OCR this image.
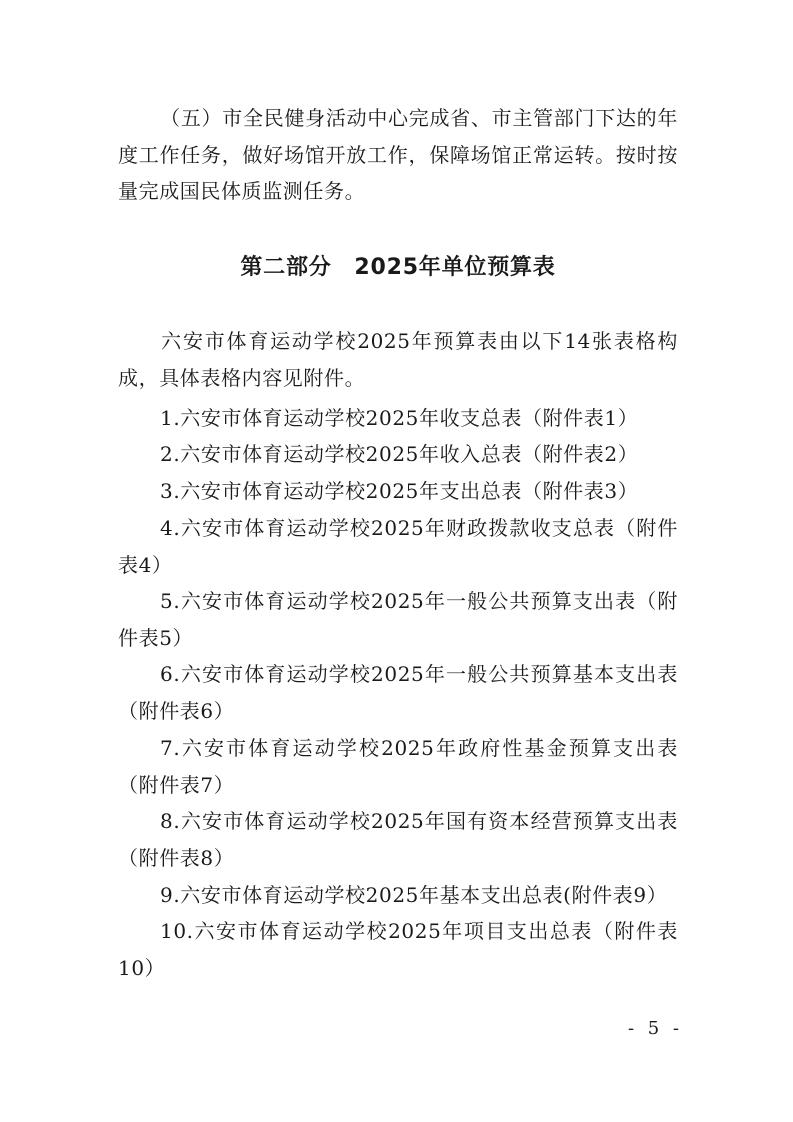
（五）市全民健身活动中心完成省、市主管部门下达的年度工作任务，做好场馆开放工作，保障场馆正常运转。按时按量完成国民体质监测任务。

第二部分　2025年单位预算表

六安市体育运动学校2025年预算表由以下14张表格构成，具体表格内容见附件。

1.六安市体育运动学校2025年收支总表（附件表1）

2.六安市体育运动学校2025年收入总表（附件表2）

3.六安市体育运动学校2025年支出总表（附件表3）

4.六安市体育运动学校2025年财政拨款收支总表（附件表4）

5.六安市体育运动学校2025年一般公共预算支出表（附件表5）

6.六安市体育运动学校2025年一般公共预算基本支出表（附件表6）

7.六安市体育运动学校2025年政府性基金预算支出表（附件表7）

8.六安市体育运动学校2025年国有资本经营预算支出表（附件表8）

9.六安市体育运动学校2025年基本支出总表(附件表9）

10.六安市体育运动学校2025年项目支出总表（附件表10）

- 5 -
